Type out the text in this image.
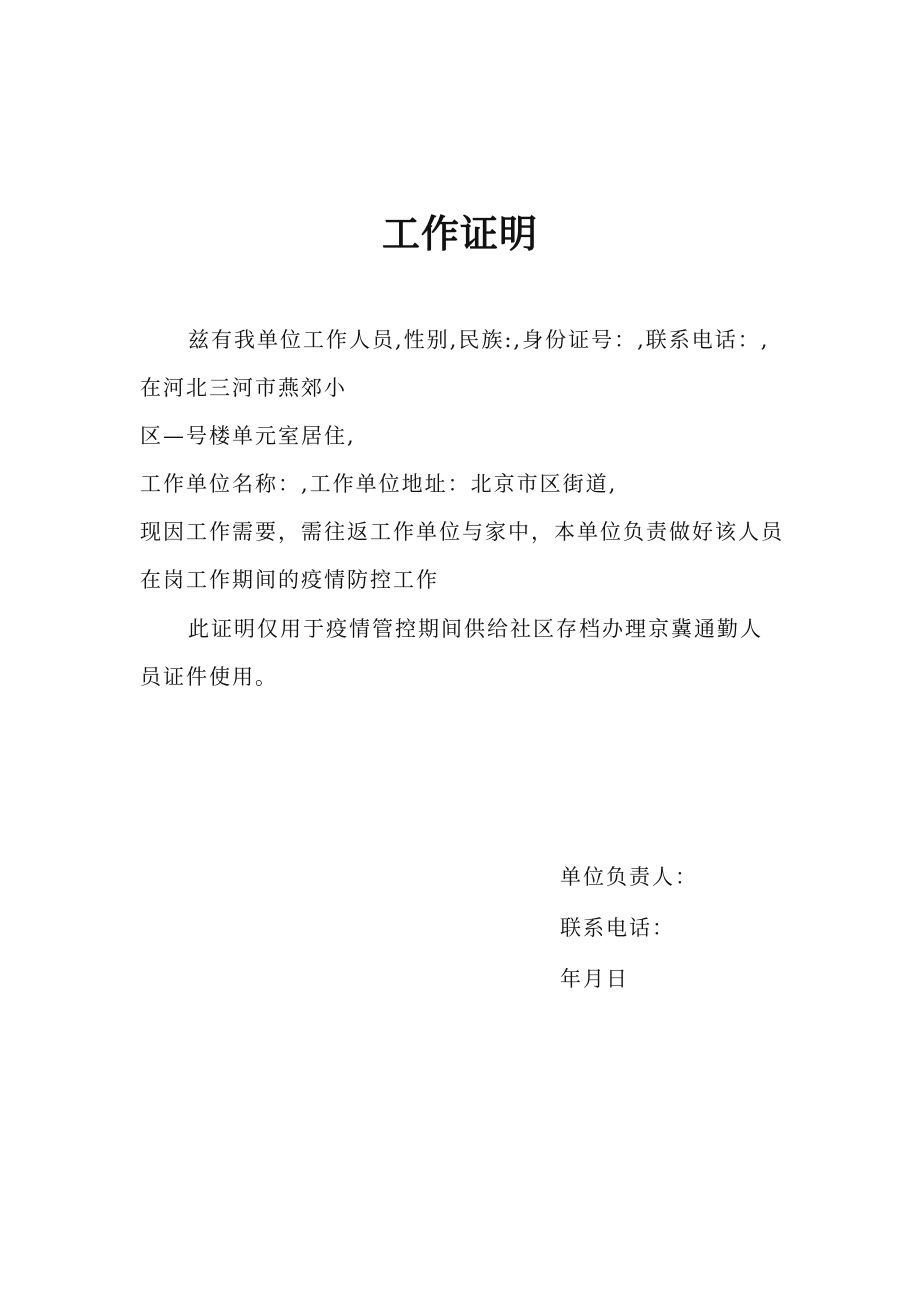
工作证明
兹有我单位工作人员,性别,民族:,身份证号：,联系电话：,
在河北三河市燕郊小
区—号楼单元室居住,
工作单位名称：,工作单位地址：北京市区街道,
现因工作需要，需往返工作单位与家中，本单位负责做好该人员
在岗工作期间的疫情防控工作
此证明仅用于疫情管控期间供给社区存档办理京冀通勤人
员证件使用。
单位负责人：
联系电话：
年月日
